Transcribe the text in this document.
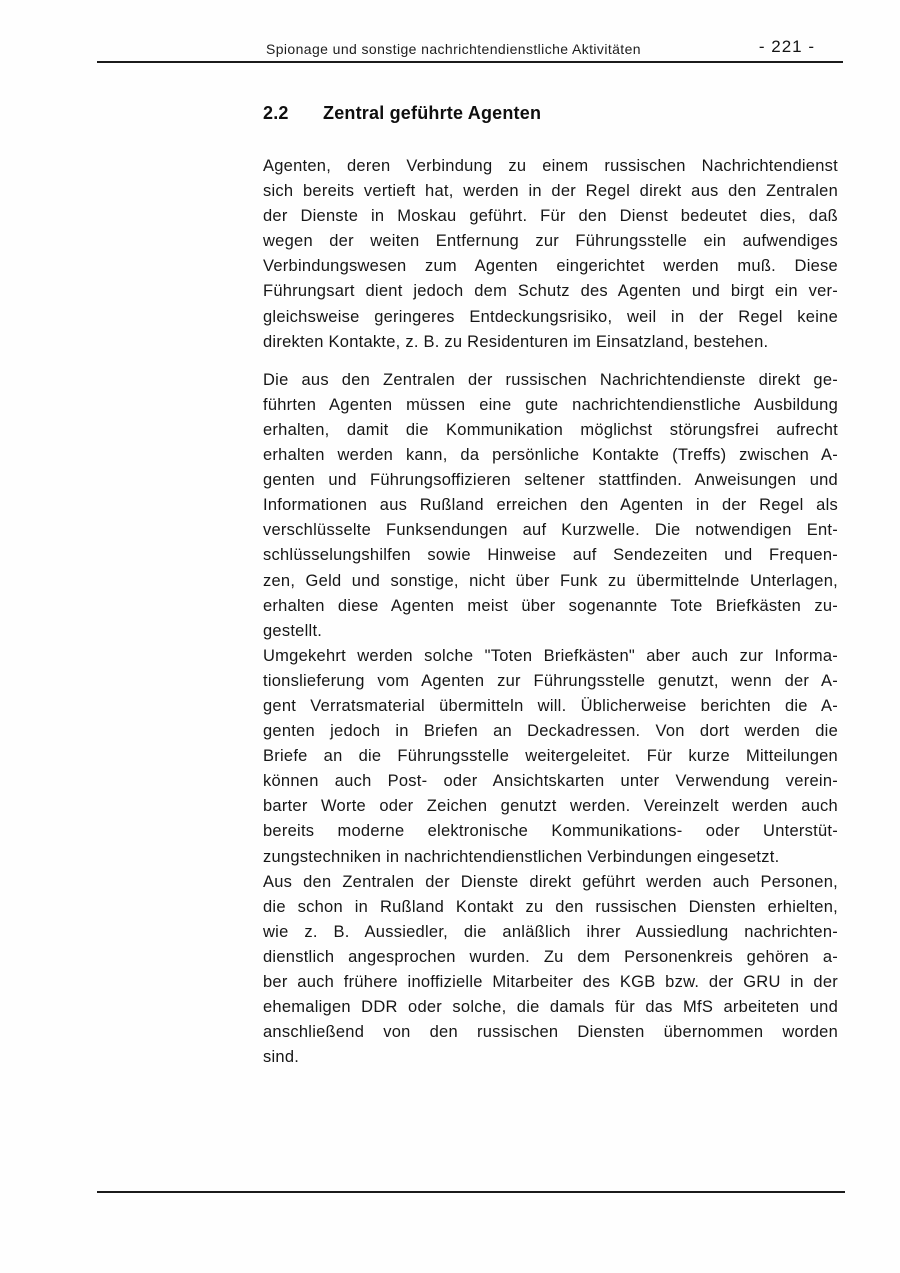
Spionage und sonstige nachrichtendienstliche Aktivitäten	- 221 -
2.2	Zentral geführte Agenten
Agenten, deren Verbindung zu einem russischen Nachrichtendienst
sich bereits vertieft hat, werden in der Regel direkt aus den Zentralen
der Dienste in Moskau geführt. Für den Dienst bedeutet dies, daß
wegen der weiten Entfernung zur Führungsstelle ein aufwendiges
Verbindungswesen zum Agenten eingerichtet werden muß. Diese
Führungsart dient jedoch dem Schutz des Agenten und birgt ein ver-
gleichsweise geringeres Entdeckungsrisiko, weil in der Regel keine
direkten Kontakte, z. B. zu Residenturen im Einsatzland, bestehen.
Die aus den Zentralen der russischen Nachrichtendienste direkt ge-
führten Agenten müssen eine gute nachrichtendienstliche Ausbildung
erhalten, damit die Kommunikation möglichst störungsfrei aufrecht
erhalten werden kann, da persönliche Kontakte (Treffs) zwischen A-
genten und Führungsoffizieren seltener stattfinden. Anweisungen und
Informationen aus Rußland erreichen den Agenten in der Regel als
verschlüsselte Funksendungen auf Kurzwelle. Die notwendigen Ent-
schlüsselungshilfen sowie Hinweise auf Sendezeiten und Frequen-
zen, Geld und sonstige, nicht über Funk zu übermittelnde Unterlagen,
erhalten diese Agenten meist über sogenannte Tote Briefkästen zu-
gestellt.
Umgekehrt werden solche "Toten Briefkästen" aber auch zur Informa-
tionslieferung vom Agenten zur Führungsstelle genutzt, wenn der A-
gent Verratsmaterial übermitteln will. Üblicherweise berichten die A-
genten jedoch in Briefen an Deckadressen. Von dort werden die
Briefe an die Führungsstelle weitergeleitet. Für kurze Mitteilungen
können auch Post- oder Ansichtskarten unter Verwendung verein-
barter Worte oder Zeichen genutzt werden. Vereinzelt werden auch
bereits moderne elektronische Kommunikations- oder Unterstüt-
zungstechniken in nachrichtendienstlichen Verbindungen eingesetzt.
Aus den Zentralen der Dienste direkt geführt werden auch Personen,
die schon in Rußland Kontakt zu den russischen Diensten erhielten,
wie z. B. Aussiedler, die anläßlich ihrer Aussiedlung nachrichten-
dienstlich angesprochen wurden. Zu dem Personenkreis gehören a-
ber auch frühere inoffizielle Mitarbeiter des KGB bzw. der GRU in der
ehemaligen DDR oder solche, die damals für das MfS arbeiteten und
anschließend von den russischen Diensten übernommen worden
sind.
